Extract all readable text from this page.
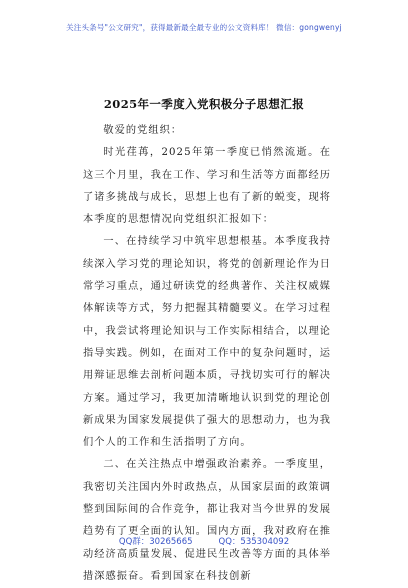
关注头条号"公文研究"，获得最新最全最专业的公文资料库！ 微信：gongwenyj
2025年一季度入党积极分子思想汇报

敬爱的党组织：

时光荏苒，2025年第一季度已悄然流逝。在这三个月里，我在工作、学习和生活等方面都经历了诸多挑战与成长，思想上也有了新的蜕变，现将本季度的思想情况向党组织汇报如下：

一、在持续学习中筑牢思想根基。本季度我持续深入学习党的理论知识，将党的创新理论作为日常学习重点，通过研读党的经典著作、关注权威媒体解读等方式，努力把握其精髓要义。在学习过程中，我尝试将理论知识与工作实际相结合，以理论指导实践。例如，在面对工作中的复杂问题时，运用辩证思维去剖析问题本质，寻找切实可行的解决方案。通过学习，我更加清晰地认识到党的理论创新成果为国家发展提供了强大的思想动力，也为我们个人的工作和生活指明了方向。

二、在关注热点中增强政治素养。一季度里，我密切关注国内外时政热点，从国家层面的政策调整到国际间的合作竞争，都让我对当今世界的发展趋势有了更全面的认知。国内方面，我对政府在推动经济高质量发展、促进民生改善等方面的具体举措深感振奋。看到国家在科技创新

QQ群：30265665	QQ：535304092
